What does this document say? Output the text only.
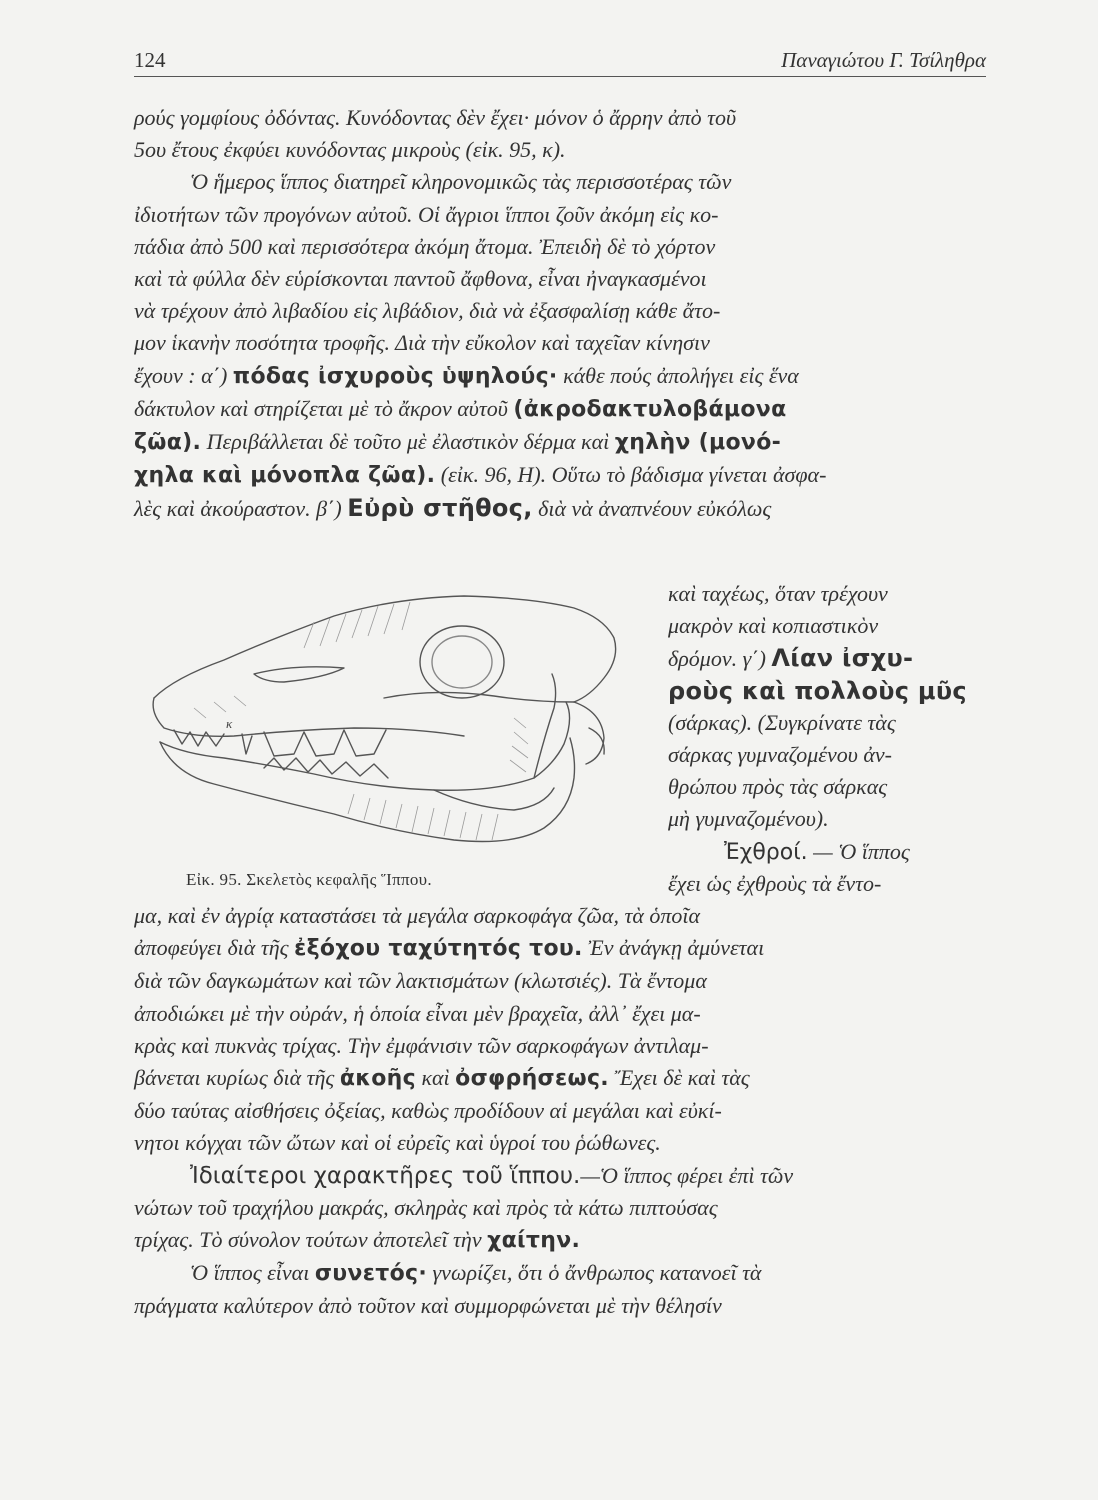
124	Παναγιώτου Γ. Τσίληθρα

ρούς γομφίους ὀδόντας. Κυνόδοντας δὲν ἔχει· μόνον ὁ ἄρρην ἀπὸ τοῦ
5ου ἔτους ἐκφύει κυνόδοντας μικροὺς (εἰκ. 95, κ).

Ὁ ἥμερος ἵππος διατηρεῖ κληρονομικῶς τὰς περισσοτέρας τῶν
ἰδιοτήτων τῶν προγόνων αὐτοῦ. Οἱ ἄγριοι ἵπποι ζοῦν ἀκόμη εἰς κο-
πάδια ἀπὸ 500 καὶ περισσότερα ἀκόμη ἄτομα. Ἐπειδὴ δὲ τὸ χόρτον
καὶ τὰ φύλλα δὲν εὑρίσκονται παντοῦ ἄφθονα, εἶναι ἠναγκασμένοι
νὰ τρέχουν ἀπὸ λιβαδίου εἰς λιβάδιον, διὰ νὰ ἐξασφαλίσῃ κάθε ἄτο-
μον ἱκανὴν ποσότητα τροφῆς. Διὰ τὴν εὔκολον καὶ ταχεῖαν κίνησιν
ἔχουν : α΄) πόδας ἰσχυροὺς ὑψηλούς· κάθε πούς ἀπολήγει εἰς ἕνα
δάκτυλον καὶ στηρίζεται μὲ τὸ ἄκρον αὐτοῦ (ἀκροδακτυλοβάμονα
ζῶα). Περιβάλλεται δὲ τοῦτο μὲ ἐλαστικὸν δέρμα καὶ χηλὴν (μονό-
χηλα καὶ μόνοπλα ζῶα). (εἰκ. 96, Η). Οὕτω τὸ βάδισμα γίνεται ἀσφα-
λὲς καὶ ἀκούραστον. β΄) Εὐρὺ στῆθος, διὰ νὰ ἀναπνέουν εὐκόλως

κ
Εἰκ. 95. Σκελετὸς κεφαλῆς Ἵππου.
καὶ ταχέως, ὅταν τρέχουν
μακρὸν καὶ κοπιαστικὸν
δρόμον. γ΄) Λίαν ἰσχυ-
ροὺς καὶ πολλοὺς μῦς
(σάρκας). (Συγκρίνατε τὰς
σάρκας γυμναζομένου ἀν-
θρώπου πρὸς τὰς σάρκας
μὴ γυμναζομένου).
Ἐχθροί. — Ὁ ἵππος
ἔχει ὡς ἐχθροὺς τὰ ἔντο-

μα, καὶ ἐν ἀγρίᾳ καταστάσει τὰ μεγάλα σαρκοφάγα ζῶα, τὰ ὁποῖα
ἀποφεύγει διὰ τῆς ἐξόχου ταχύτητός του. Ἐν ἀνάγκῃ ἀμύνεται
διὰ τῶν δαγκωμάτων καὶ τῶν λακτισμάτων (κλωτσιές). Τὰ ἔντομα
ἀποδιώκει μὲ τὴν οὐράν, ἡ ὁποία εἶναι μὲν βραχεῖα, ἀλλ᾽ ἔχει μα-
κρὰς καὶ πυκνὰς τρίχας. Τὴν ἐμφάνισιν τῶν σαρκοφάγων ἀντιλαμ-
βάνεται κυρίως διὰ τῆς ἀκοῆς καὶ ὀσφρήσεως. Ἔχει δὲ καὶ τὰς
δύο ταύτας αἰσθήσεις ὀξείας, καθὼς προδίδουν αἱ μεγάλαι καὶ εὐκί-
νητοι κόγχαι τῶν ὤτων καὶ οἱ εὐρεῖς καὶ ὑγροί του ῥώθωνες.

Ἰδιαίτεροι χαρακτῆρες τοῦ ἵππου.—Ὁ ἵππος φέρει ἐπὶ τῶν
νώτων τοῦ τραχήλου μακράς, σκληρὰς καὶ πρὸς τὰ κάτω πιπτούσας
τρίχας. Τὸ σύνολον τούτων ἀποτελεῖ τὴν χαίτην.

Ὁ ἵππος εἶναι συνετός· γνωρίζει, ὅτι ὁ ἄνθρωπος κατανοεῖ τὰ
πράγματα καλύτερον ἀπὸ τοῦτον καὶ συμμορφώνεται μὲ τὴν θέλησίν
